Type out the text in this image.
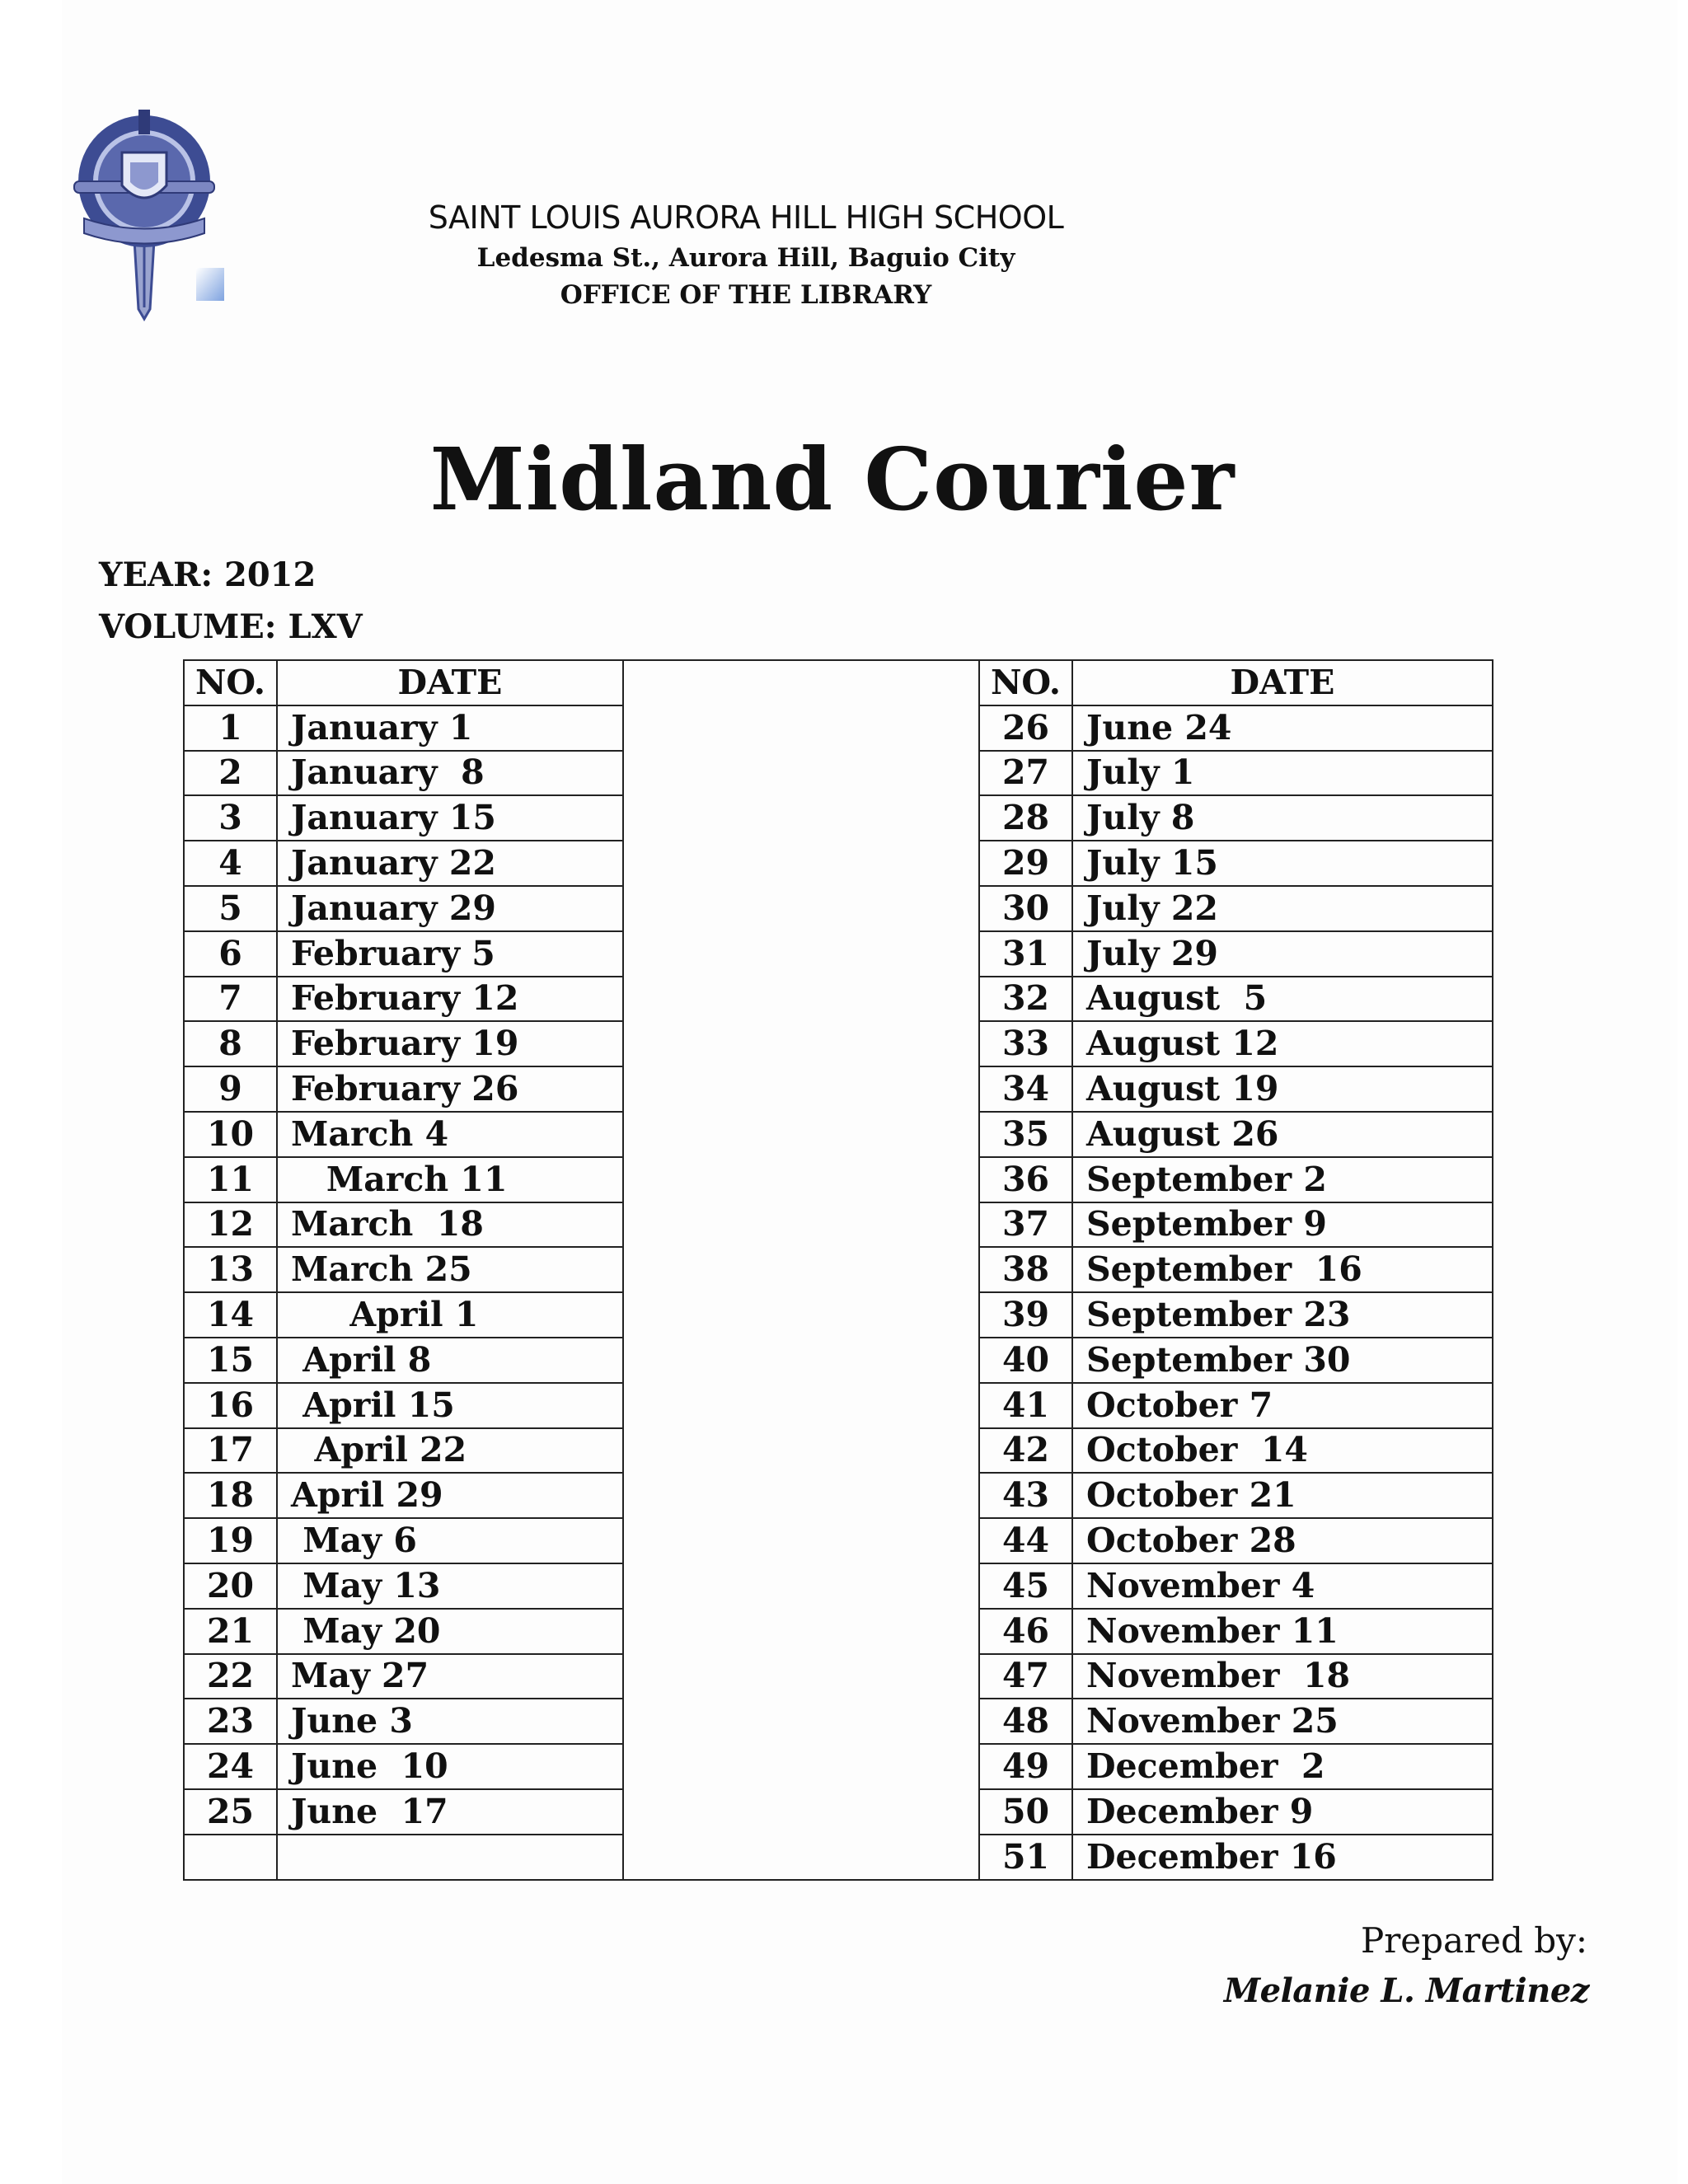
SAINT LOUIS AURORA HILL HIGH SCHOOL
Ledesma St., Aurora Hill, Baguio City
OFFICE OF THE LIBRARY
Midland Courier
YEAR: 2012
VOLUME: LXV
NO.	DATE		NO.	DATE
1	January 1		26	June 24
2	January  8		27	July 1
3	January 15		28	July 8
4	January 22		29	July 15
5	January 29		30	July 22
6	February 5		31	July 29
7	February 12		32	August  5
8	February 19		33	August 12
9	February 26		34	August 19
10	March 4		35	August 26
11	March 11		36	September 2
12	March  18		37	September 9
13	March 25		38	September  16
14	April 1		39	September 23
15	April 8		40	September 30
16	April 15		41	October 7
17	April 22		42	October  14
18	April 29		43	October 21
19	May 6		44	October 28
20	May 13		45	November 4
21	May 20		46	November 11
22	May 27		47	November  18
23	June 3		48	November 25
24	June  10		49	December  2
25	June  17		50	December 9
			51	December 16
Prepared by:
Melanie L. Martinez
